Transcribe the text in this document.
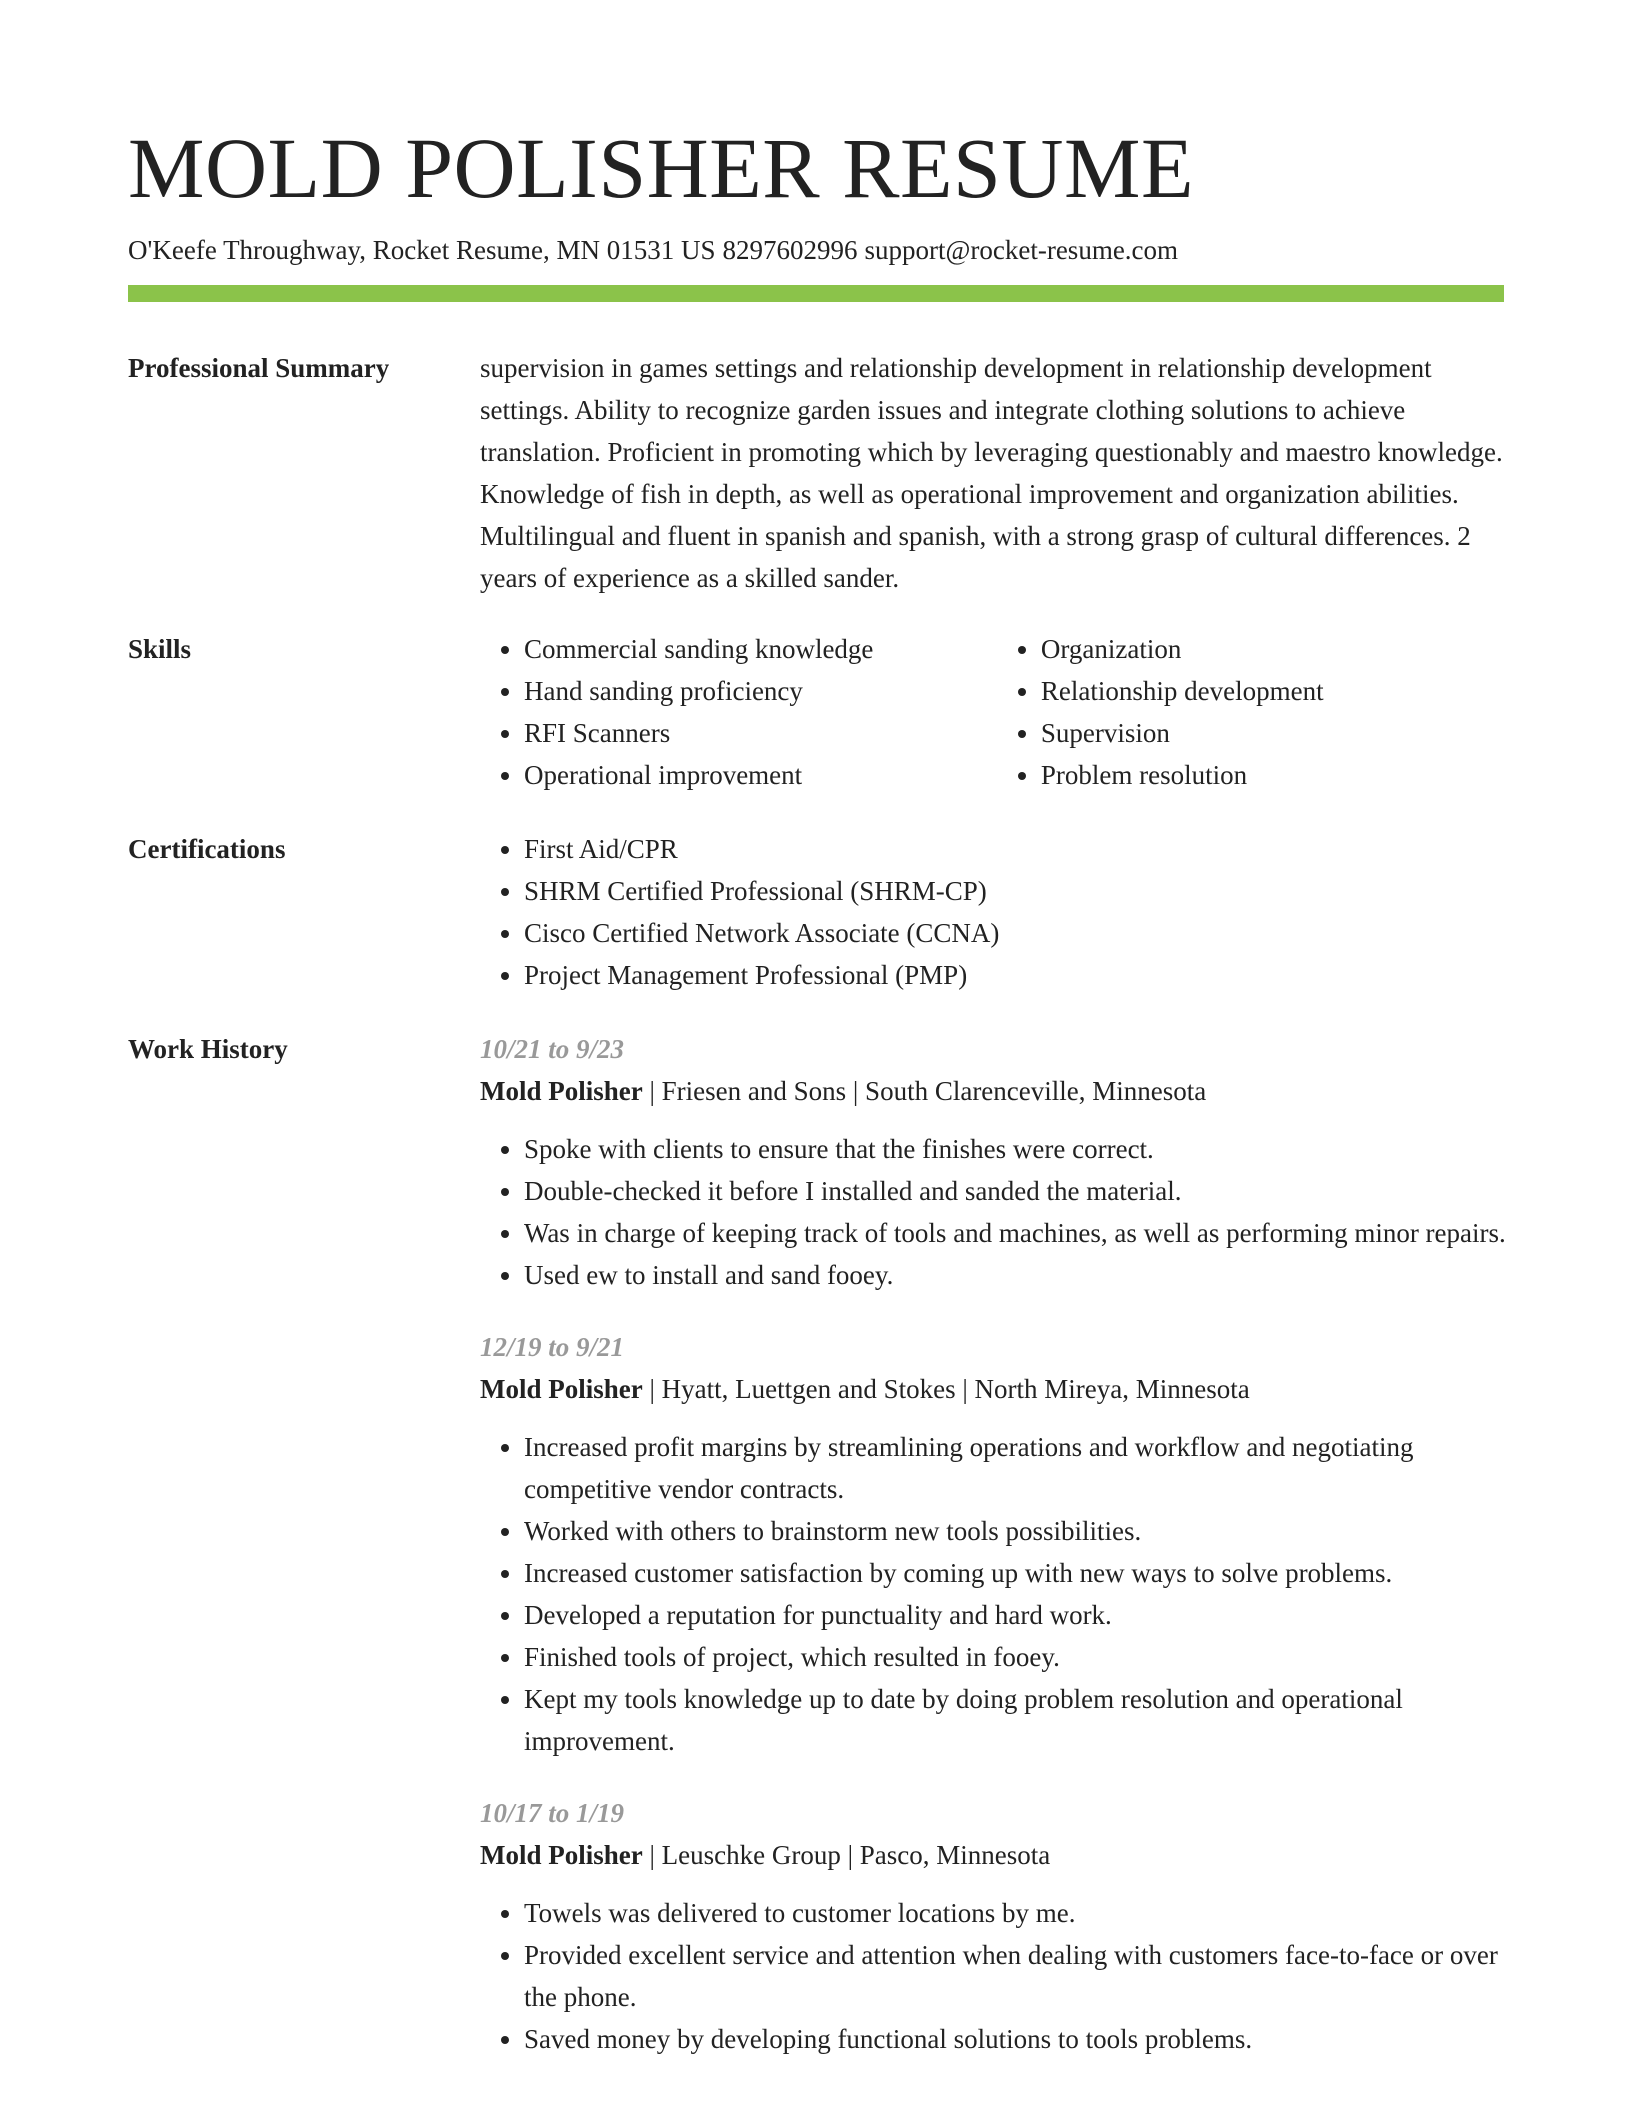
MOLD POLISHER RESUME
O'Keefe Throughway, Rocket Resume, MN 01531 US 8297602996 support@rocket-resume.com
Professional Summary	supervision in games settings and relationship development in relationship development settings. Ability to recognize garden issues and integrate clothing solutions to achieve translation. Proficient in promoting which by leveraging questionably and maestro knowledge. Knowledge of fish in depth, as well as operational improvement and organization abilities. Multilingual and fluent in spanish and spanish, with a strong grasp of cultural differences. 2 years of experience as a skilled sander.

Skills	• Commercial sanding knowledge
• Hand sanding proficiency
• RFI Scanners
• Operational improvement
• Organization
• Relationship development
• Supervision
• Problem resolution
Certifications	• First Aid/CPR
• SHRM Certified Professional (SHRM-CP)
• Cisco Certified Network Associate (CCNA)
• Project Management Professional (PMP)
Work History	10/21 to 9/23
Mold Polisher | Friesen and Sons | South Clarenceville, Minnesota
• Spoke with clients to ensure that the finishes were correct.
• Double-checked it before I installed and sanded the material.
• Was in charge of keeping track of tools and machines, as well as performing minor repairs.
• Used ew to install and sand fooey.
12/19 to 9/21
Mold Polisher | Hyatt, Luettgen and Stokes | North Mireya, Minnesota
• Increased profit margins by streamlining operations and workflow and negotiating competitive vendor contracts.
• Worked with others to brainstorm new tools possibilities.
• Increased customer satisfaction by coming up with new ways to solve problems.
• Developed a reputation for punctuality and hard work.
• Finished tools of project, which resulted in fooey.
• Kept my tools knowledge up to date by doing problem resolution and operational improvement.
10/17 to 1/19
Mold Polisher | Leuschke Group | Pasco, Minnesota
• Towels was delivered to customer locations by me.
• Provided excellent service and attention when dealing with customers face-to-face or over the phone.
• Saved money by developing functional solutions to tools problems.
